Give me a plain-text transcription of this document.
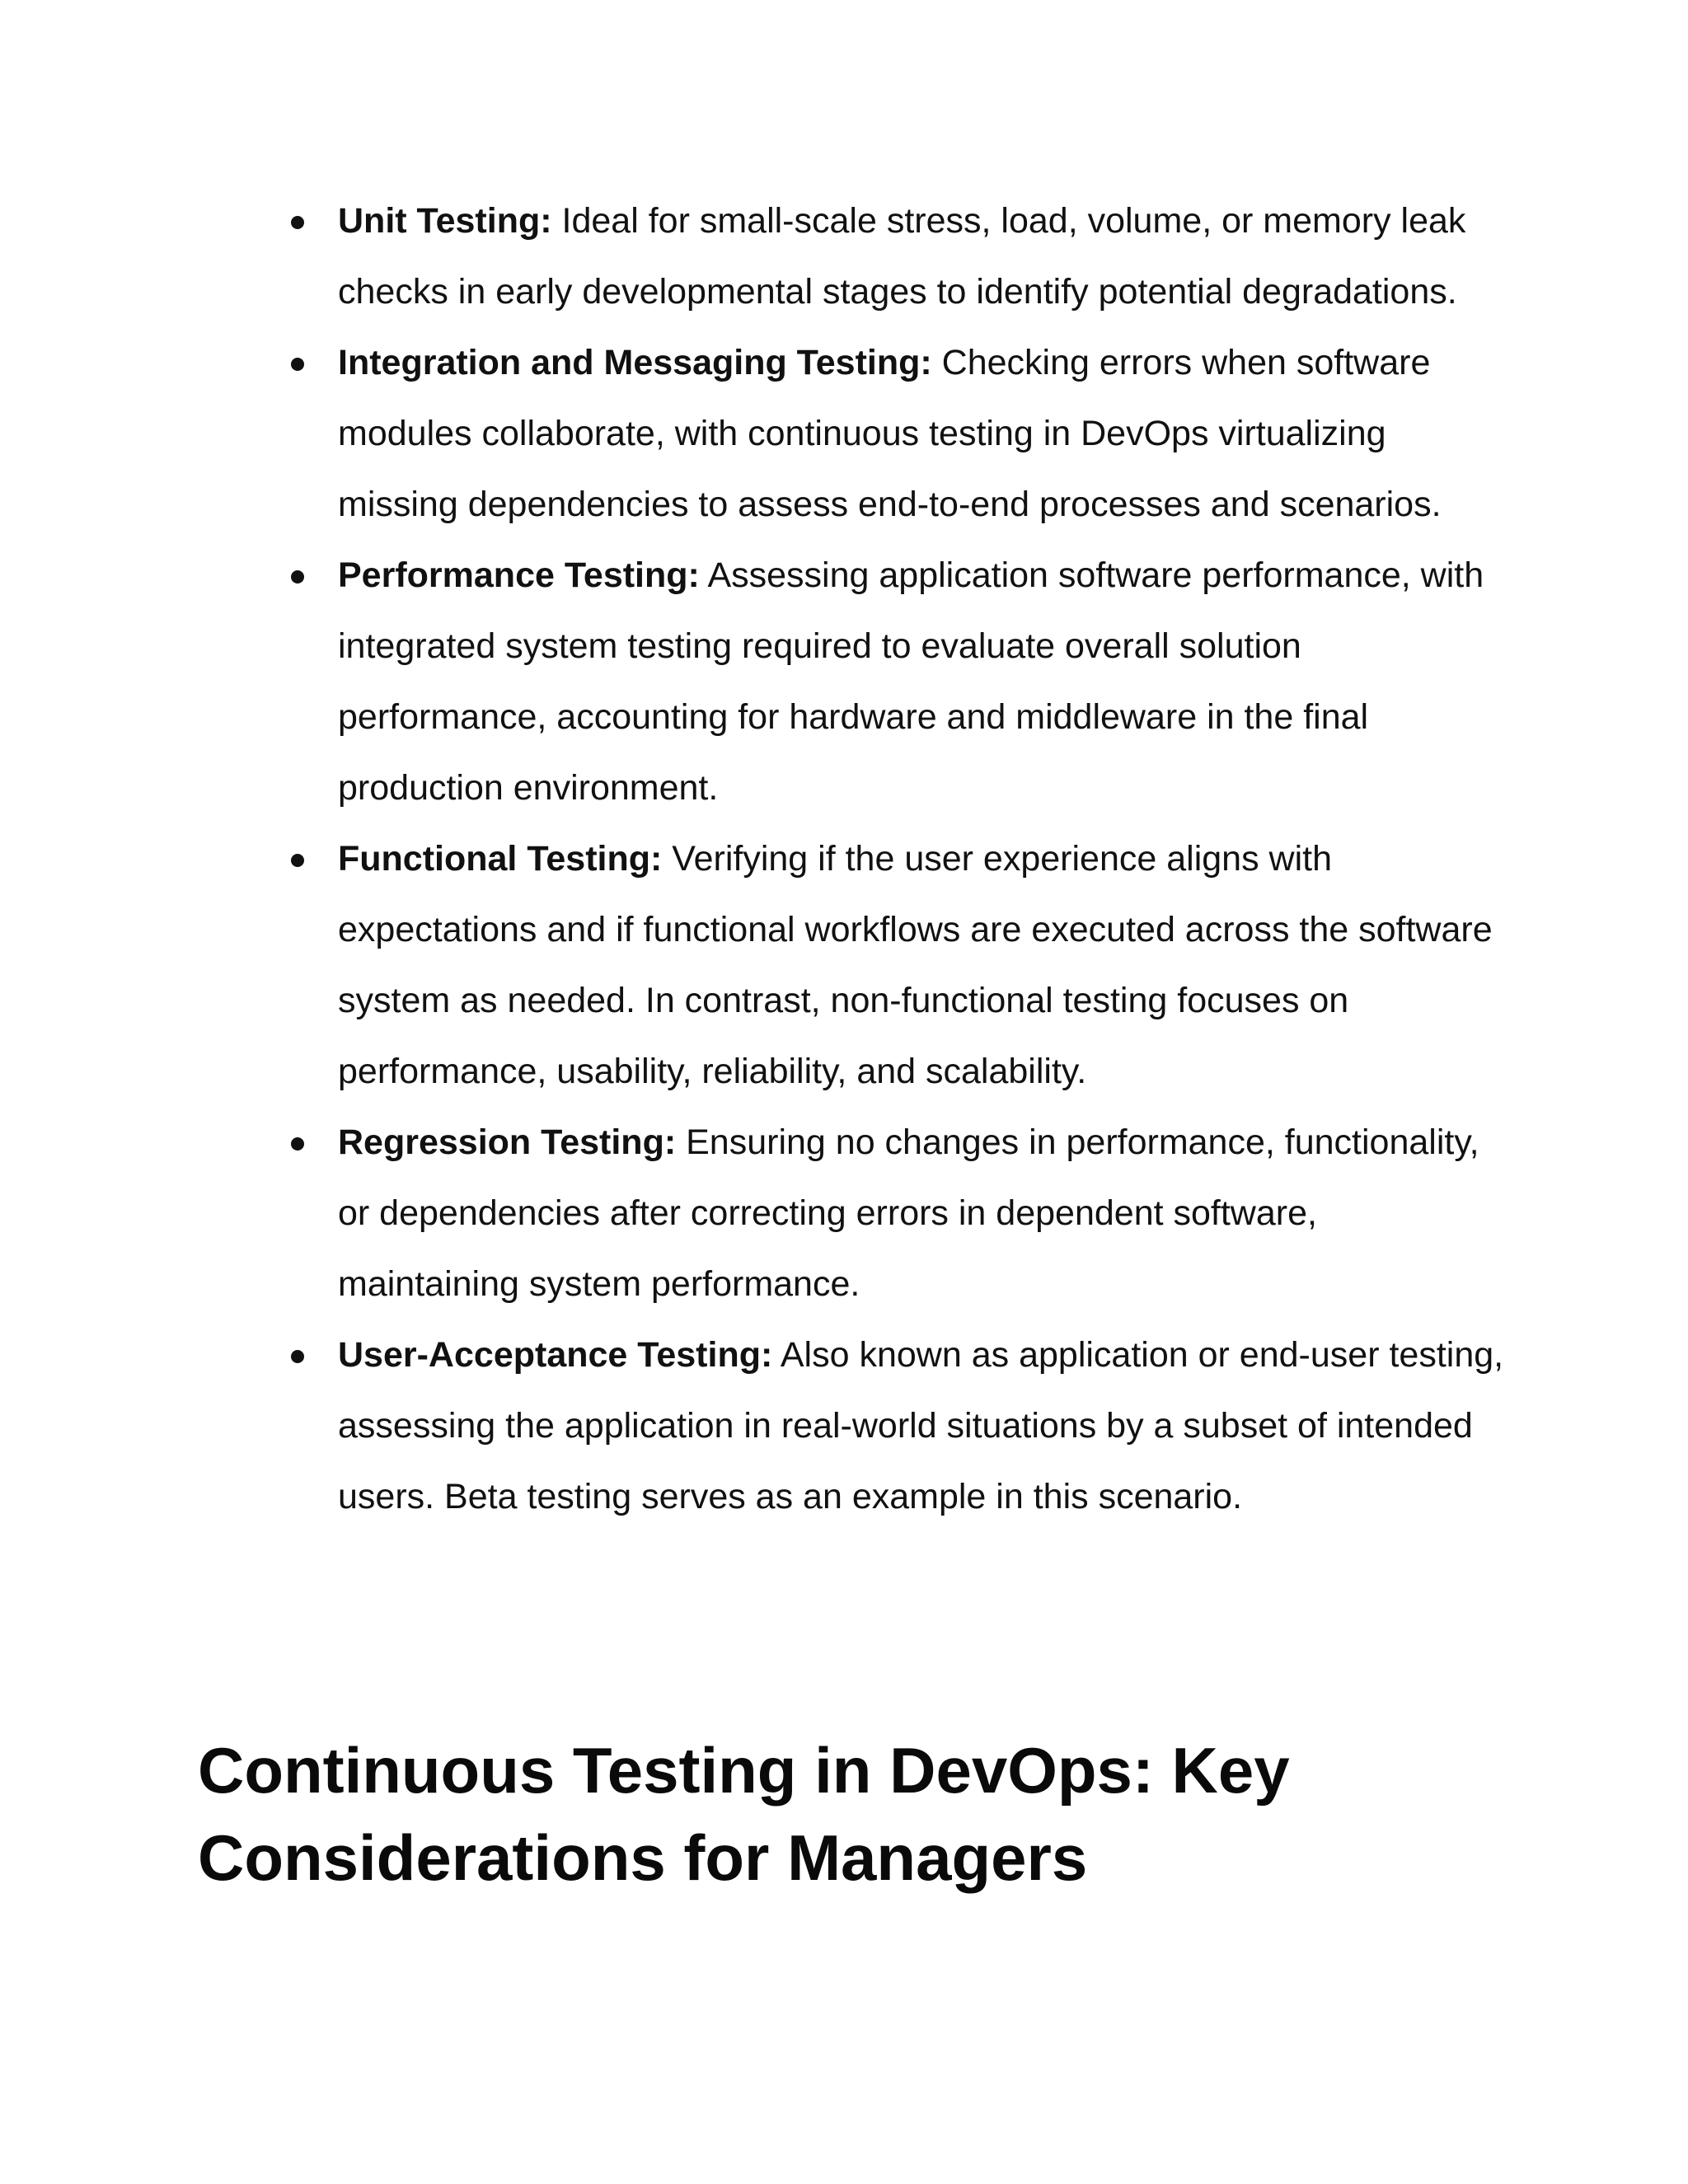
Unit Testing: Ideal for small-scale stress, load, volume, or memory leak checks in early developmental stages to identify potential degradations.
Integration and Messaging Testing: Checking errors when software modules collaborate, with continuous testing in DevOps virtualizing missing dependencies to assess end-to-end processes and scenarios.
Performance Testing: Assessing application software performance, with integrated system testing required to evaluate overall solution performance, accounting for hardware and middleware in the final production environment.
Functional Testing: Verifying if the user experience aligns with expectations and if functional workflows are executed across the software system as needed. In contrast, non-functional testing focuses on performance, usability, reliability, and scalability.
Regression Testing: Ensuring no changes in performance, functionality, or dependencies after correcting errors in dependent software, maintaining system performance.
User-Acceptance Testing: Also known as application or end-user testing, assessing the application in real-world situations by a subset of intended users. Beta testing serves as an example in this scenario.
Continuous Testing in DevOps: Key Considerations for Managers
